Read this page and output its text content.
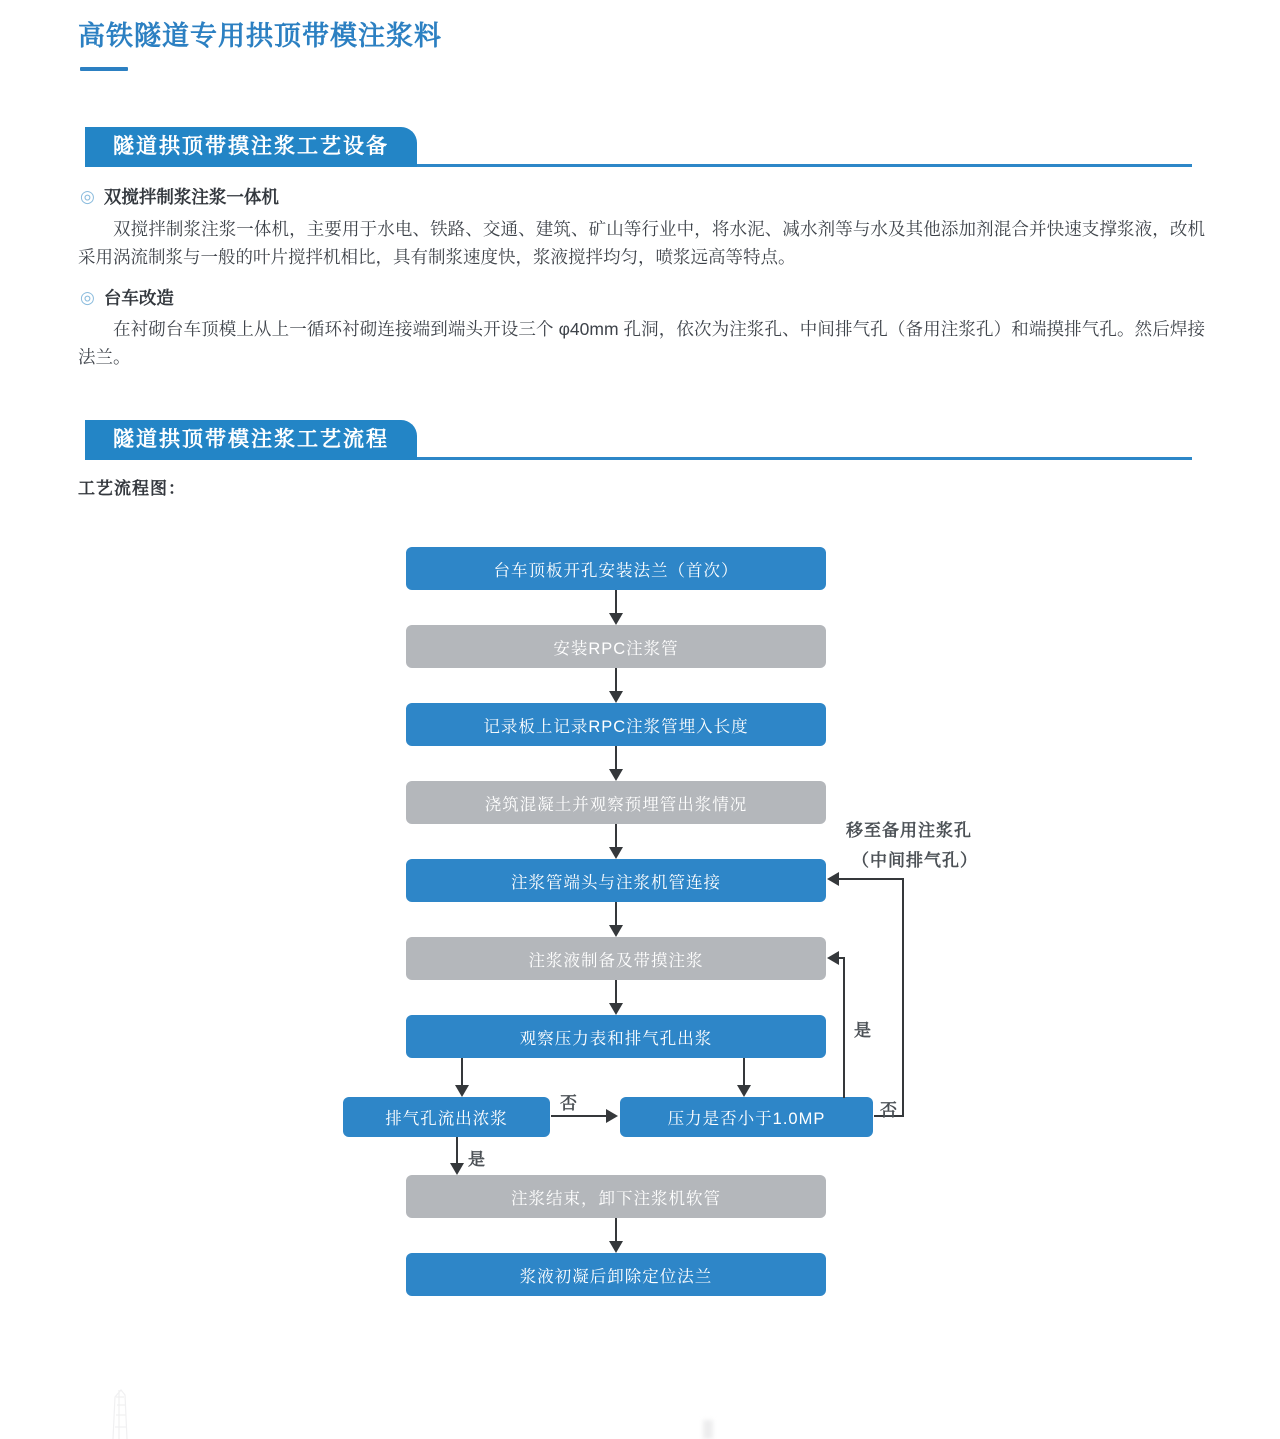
高铁隧道专用拱顶带模注浆料
隧道拱顶带摸注浆工艺设备
◎ 双搅拌制浆注浆一体机
双搅拌制浆注浆一体机，主要用于水电、铁路、交通、建筑、矿山等行业中，将水泥、减水剂等与水及其他添加剂混合并快速支撑浆液，改机采用涡流制浆与一般的叶片搅拌机相比，具有制浆速度快，浆液搅拌均匀，喷浆远高等特点。
◎ 台车改造
在衬砌台车顶模上从上一循环衬砌连接端到端头开设三个 φ40mm 孔洞，依次为注浆孔、中间排气孔（备用注浆孔）和端摸排气孔。然后焊接法兰。
隧道拱顶带模注浆工艺流程
工艺流程图：
台车顶板开孔安装法兰（首次）
安装RPC注浆管
记录板上记录RPC注浆管埋入长度
浇筑混凝土并观察预埋管出浆情况
注浆管端头与注浆机管连接
注浆液制备及带摸注浆
观察压力表和排气孔出浆
排气孔流出浓浆	压力是否小于1.0MP
注浆结束，卸下注浆机软管
浆液初凝后卸除定位法兰
否
是
是
否
移至备用注浆孔
（中间排气孔）
